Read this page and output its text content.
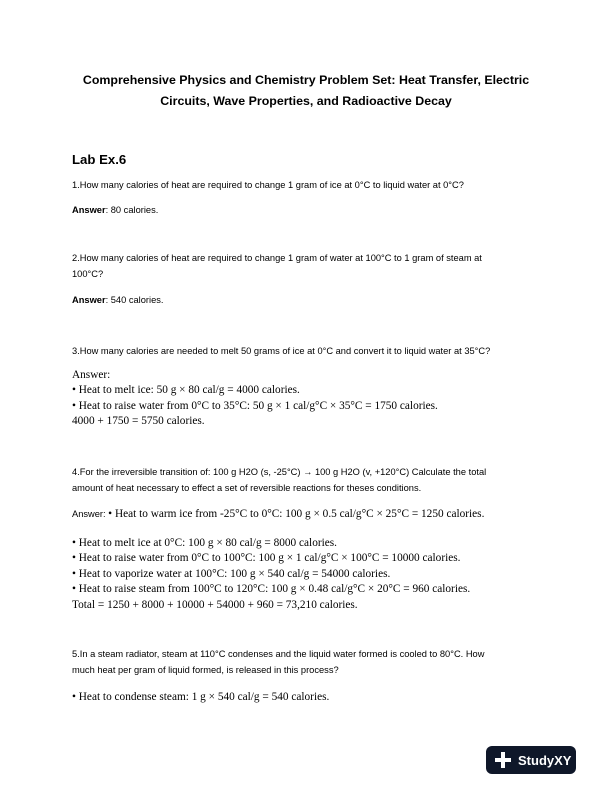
Comprehensive Physics and Chemistry Problem Set: Heat Transfer, Electric
Circuits, Wave Properties, and Radioactive Decay
Lab Ex.6

1.How many calories of heat are required to change 1 gram of ice at 0°C to liquid water at 0°C?

Answer: 80 calories.

2.How many calories of heat are required to change 1 gram of water at 100°C to 1 gram of steam at

100°C?

Answer: 540 calories.

3.How many calories are needed to melt 50 grams of ice at 0°C and convert it to liquid water at 35°C?

Answer:

• Heat to melt ice: 50 g × 80 cal/g = 4000 calories.

• Heat to raise water from 0°C to 35°C: 50 g × 1 cal/g°C × 35°C = 1750 calories.

4000 + 1750 = 5750 calories.

4.For the irreversible transition of: 100 g H2O (s, -25°C) → 100 g H2O (v, +120°C) Calculate the total

amount of heat necessary to effect a set of reversible reactions for theses conditions.

Answer: • Heat to warm ice from -25°C to 0°C: 100 g × 0.5 cal/g°C × 25°C = 1250 calories.

• Heat to melt ice at 0°C: 100 g × 80 cal/g = 8000 calories.

• Heat to raise water from 0°C to 100°C: 100 g × 1 cal/g°C × 100°C = 10000 calories.

• Heat to vaporize water at 100°C: 100 g × 540 cal/g = 54000 calories.

• Heat to raise steam from 100°C to 120°C: 100 g × 0.48 cal/g°C × 20°C = 960 calories.

Total = 1250 + 8000 + 10000 + 54000 + 960 = 73,210 calories.

5.In a steam radiator, steam at 110°C condenses and the liquid water formed is cooled to 80°C. How

much heat per gram of liquid formed, is released in this process?

• Heat to condense steam: 1 g × 540 cal/g = 540 calories.

StudyXY
